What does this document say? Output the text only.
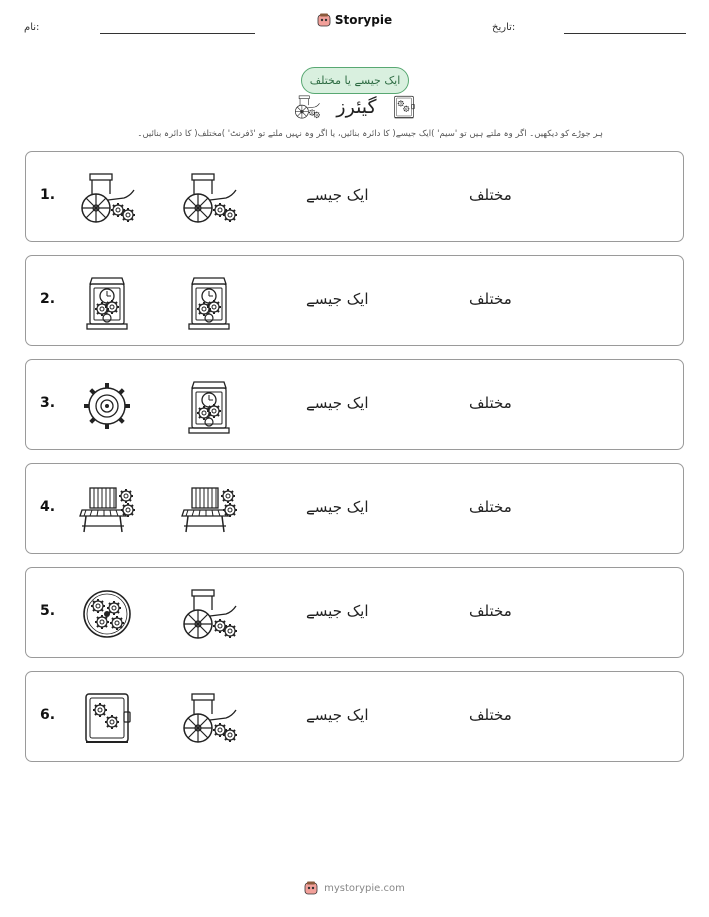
نام:
Storypie
تاریخ:
ایک جیسے یا مختلف
گیئرز
ہر جوڑے کو دیکھیں۔ اگر وہ ملتے ہیں تو 'سیم' )ایک جیسے( کا دائرہ بنائیں، یا اگر وہ نہیں ملتے تو 'ڈفرنٹ' )مختلف( کا دائرہ بنائیں۔
1.	ایک جیسے	مختلف
2.	ایک جیسے	مختلف
3.	ایک جیسے	مختلف
4.	ایک جیسے	مختلف
5.	ایک جیسے	مختلف
6.	ایک جیسے	مختلف
mystorypie.com
